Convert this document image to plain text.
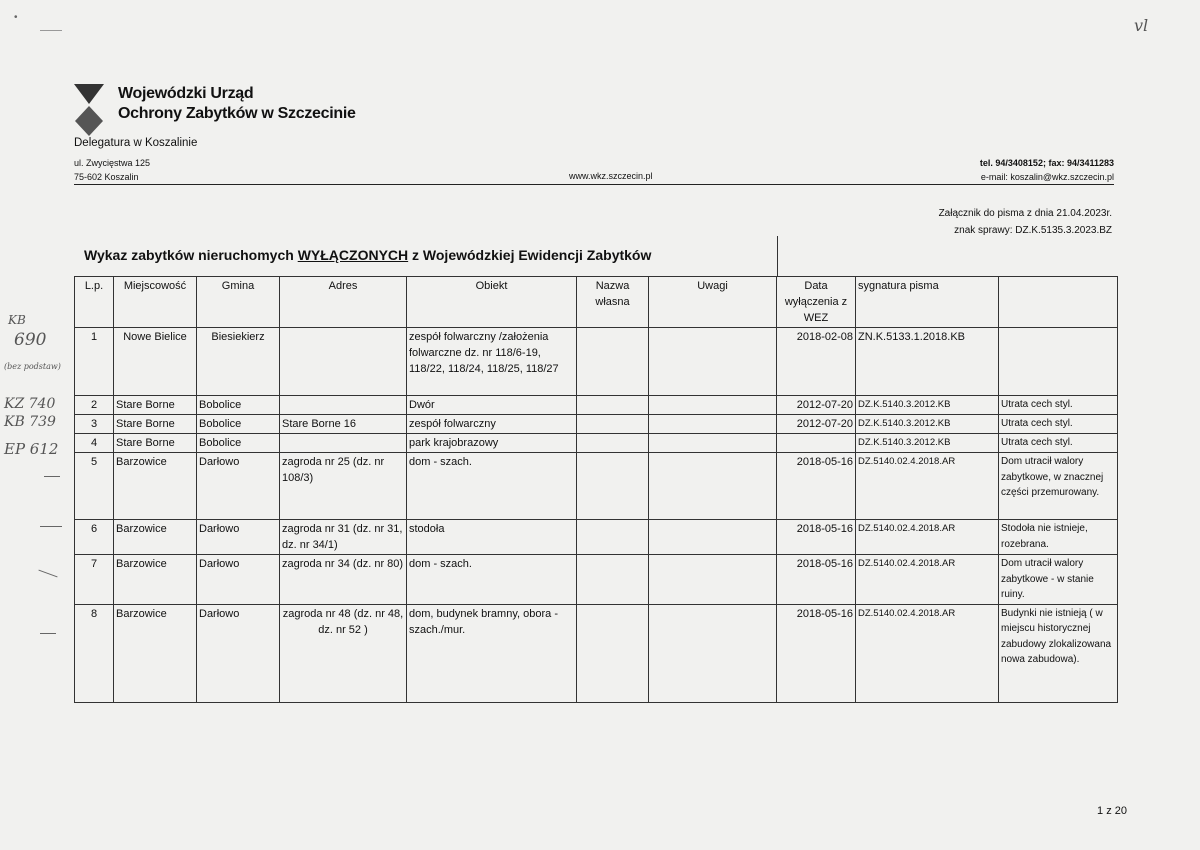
•
Wojewódzki Urząd
Ochrony Zabytków w Szczecinie
Delegatura w Koszalinie
ul. Zwycięstwa 125
75-602 Koszalin	www.wkz.szczecin.pl
tel. 94/3408152; fax: 94/3411283
e-mail: koszalin@wkz.szczecin.pl
Załącznik do pisma z dnia 21.04.2023r.
znak sprawy: DZ.K.5135.3.2023.BZ
Wykaz zabytków nieruchomych WYŁĄCZONYCH z Wojewódzkiej Ewidencji Zabytków
L.p.	Miejscowość	Gmina	Adres	Obiekt	Nazwa własna	Uwagi	Data wyłączenia z WEZ	sygnatura pisma	
1	Nowe Bielice	Biesiekierz		zespół folwarczny /założenia folwarczne dz. nr 118/6-19, 118/22, 118/24, 118/25, 118/27			2018-02-08	ZN.K.5133.1.2018.KB	
2	Stare Borne	Bobolice		Dwór			2012-07-20	DZ.K.5140.3.2012.KB	Utrata cech styl.
3	Stare Borne	Bobolice	Stare Borne 16	zespół folwarczny			2012-07-20	DZ.K.5140.3.2012.KB	Utrata cech styl.
4	Stare Borne	Bobolice		park krajobrazowy				DZ.K.5140.3.2012.KB	Utrata cech styl.
5	Barzowice	Darłowo	zagroda nr 25 (dz. nr 108/3)	dom - szach.			2018-05-16	DZ.5140.02.4.2018.AR	Dom utracił walory zabytkowe, w znacznej części przemurowany.
6	Barzowice	Darłowo	zagroda nr 31 (dz. nr 31, dz. nr 34/1)	stodoła			2018-05-16	DZ.5140.02.4.2018.AR	Stodoła nie istnieje, rozebrana.
7	Barzowice	Darłowo	zagroda nr 34 (dz. nr 80)	dom - szach.			2018-05-16	DZ.5140.02.4.2018.AR	Dom utracił walory zabytkowe - w stanie ruiny.
8	Barzowice	Darłowo	zagroda nr 48 (dz. nr 48, dz. nr 52 )	dom, budynek bramny, obora - szach./mur.			2018-05-16	DZ.5140.02.4.2018.AR	Budynki nie istnieją ( w miejscu historycznej zabudowy zlokalizowana nowa zabudowa).
vl
KB
690
(bez podstaw)
KZ 740
KB 739
EP 612
1 z 20
